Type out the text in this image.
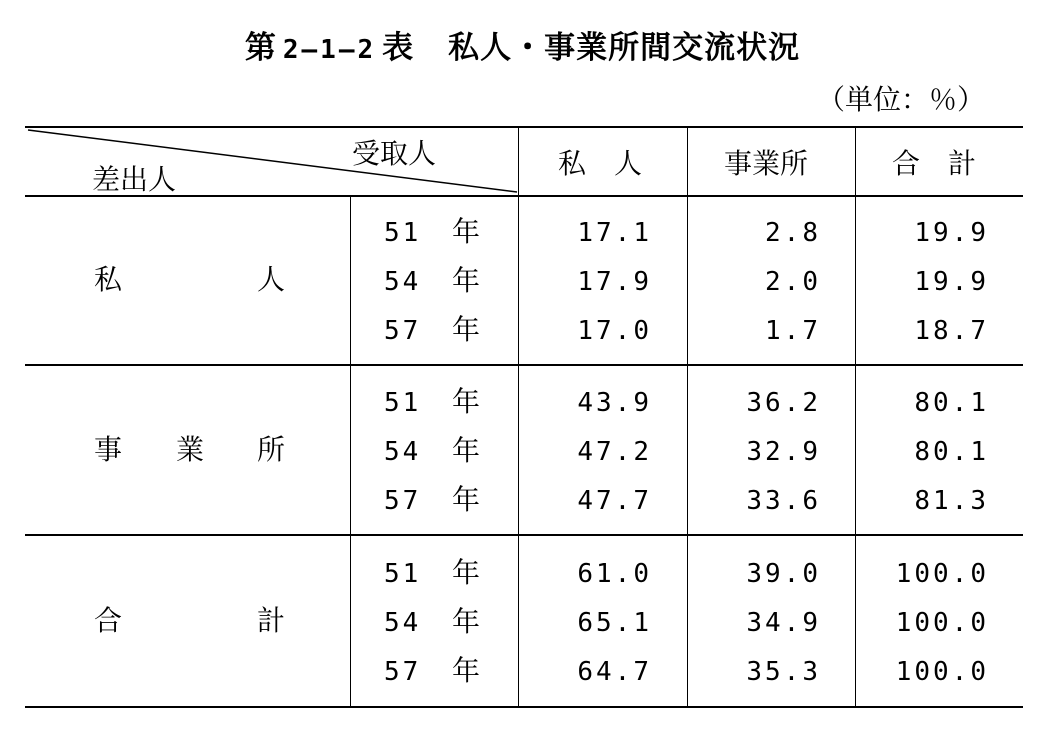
第 2―1―2 表 私人・事業所間交流状況
（単位：％）
受取人
差出人	私　人	事業所	合　計
私	人
51 年	17.1	2.8	19.9
54 年	17.9	2.0	19.9
57 年	17.0	1.7	18.7
事 業 所
51 年	43.9	36.2	80.1
54 年	47.2	32.9	80.1
57 年	47.7	33.6	81.3
合	計
51 年	61.0	39.0	100.0
54 年	65.1	34.9	100.0
57 年	64.7	35.3	100.0
